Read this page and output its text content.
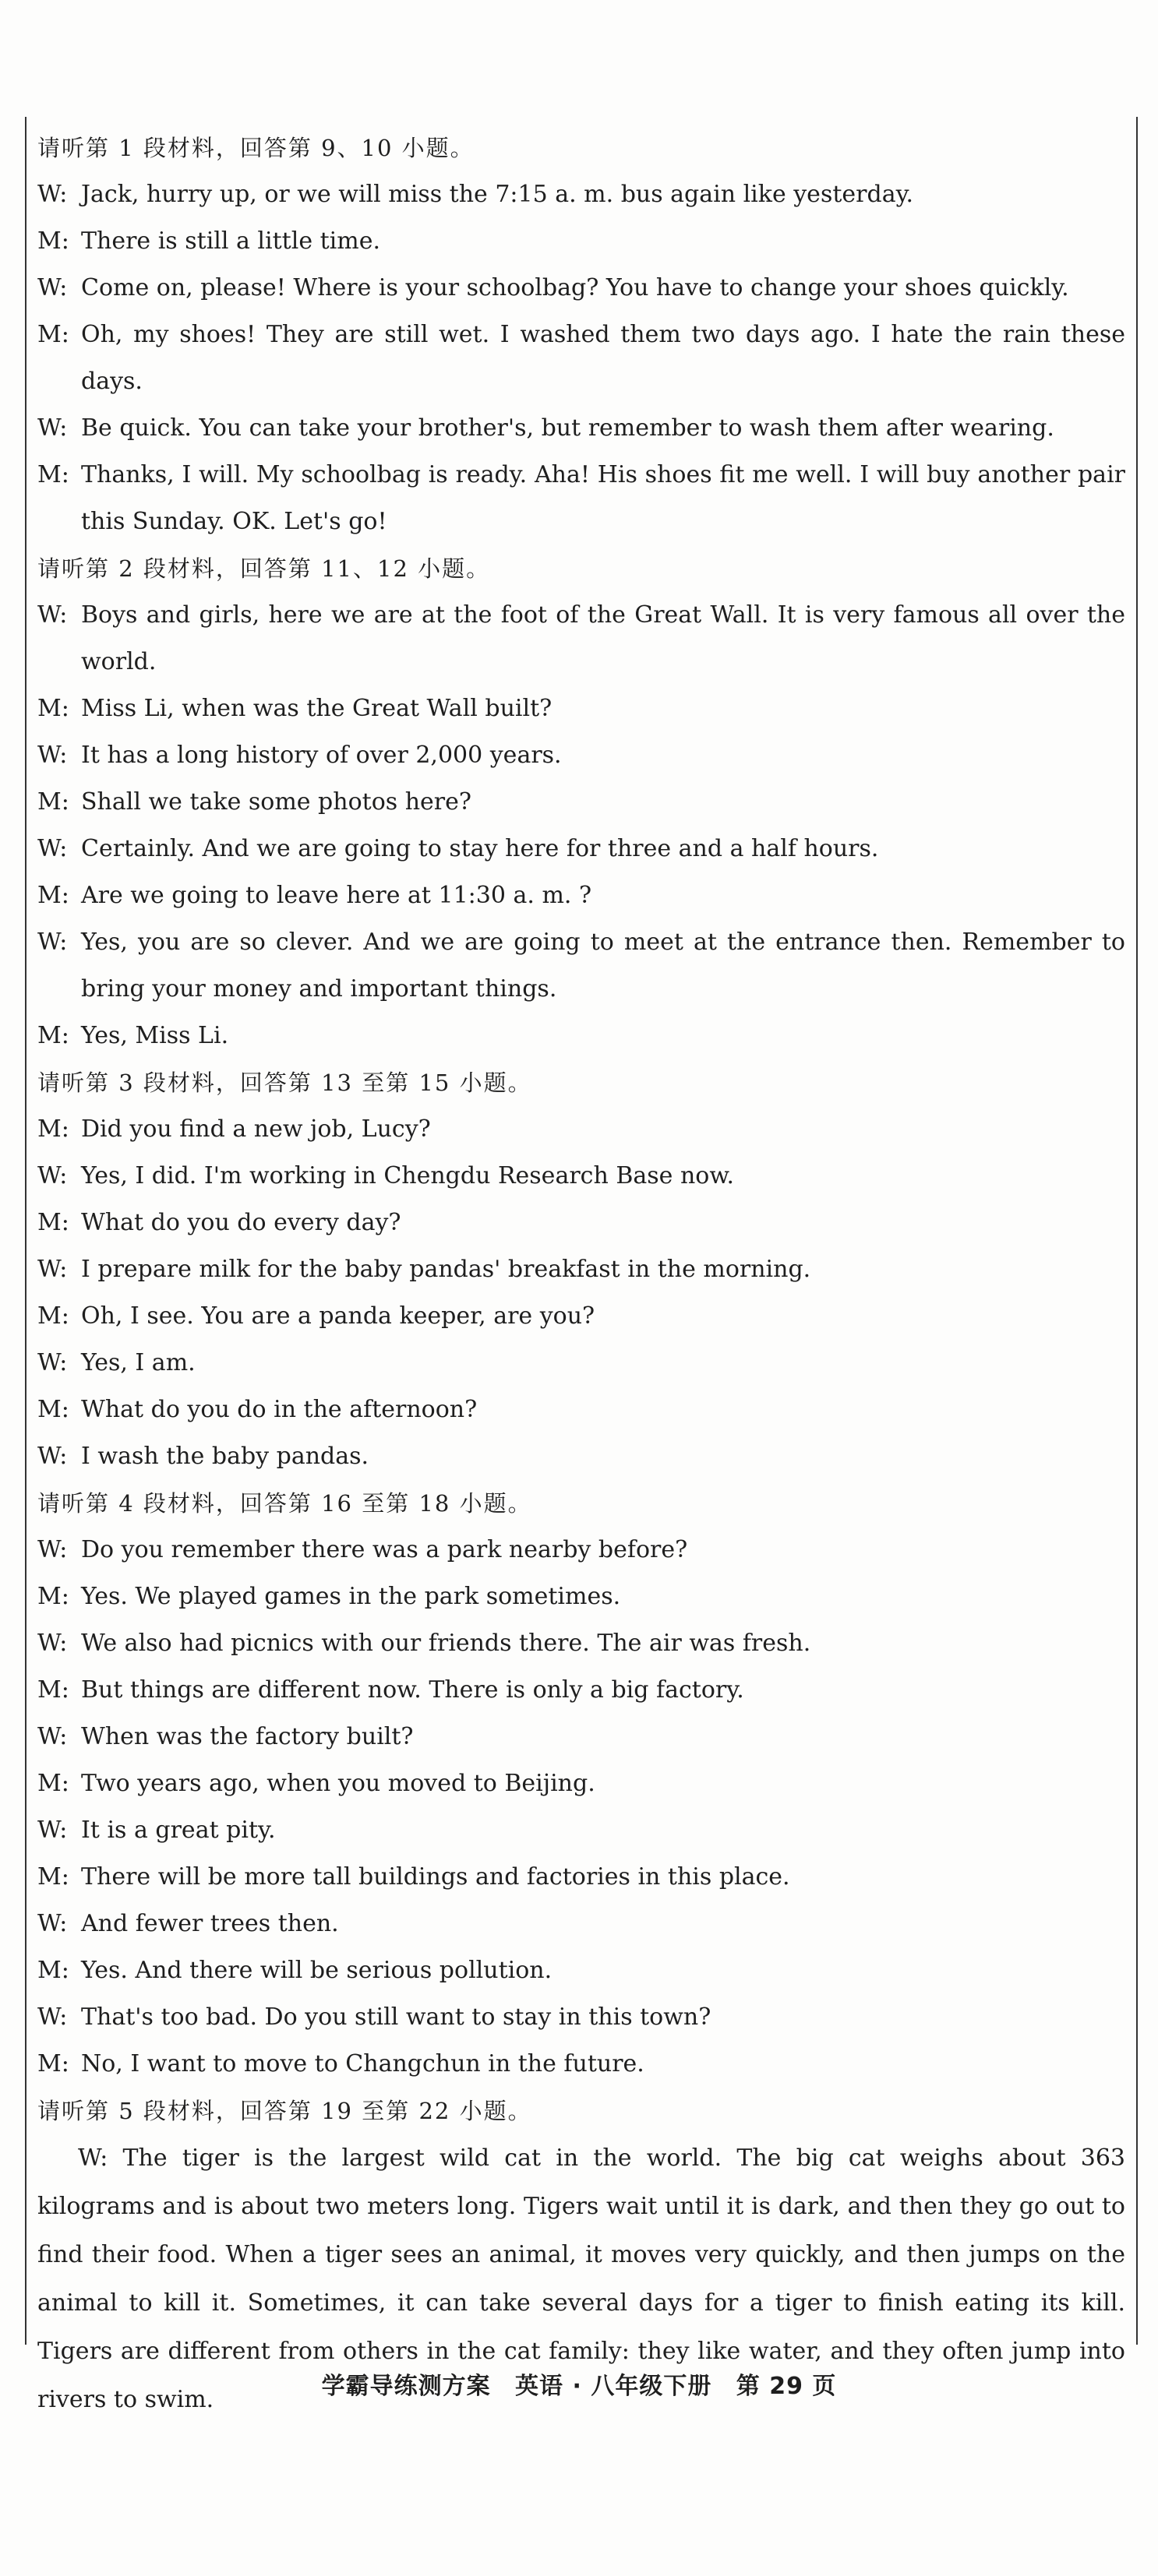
请听第 1 段材料，回答第 9、10 小题。
W: Jack, hurry up, or we will miss the 7:15 a. m. bus again like yesterday.
M: There is still a little time.
W: Come on, please! Where is your schoolbag? You have to change your shoes quickly.
M: Oh, my shoes! They are still wet. I washed them two days ago. I hate the rain these days.
W: Be quick. You can take your brother's, but remember to wash them after wearing.
M: Thanks, I will. My schoolbag is ready. Aha! His shoes fit me well. I will buy another pair this Sunday. OK. Let's go!
请听第 2 段材料，回答第 11、12 小题。
W: Boys and girls, here we are at the foot of the Great Wall. It is very famous all over the world.
M: Miss Li, when was the Great Wall built?
W: It has a long history of over 2,000 years.
M: Shall we take some photos here?
W: Certainly. And we are going to stay here for three and a half hours.
M: Are we going to leave here at 11:30 a. m. ?
W: Yes, you are so clever. And we are going to meet at the entrance then. Remember to bring your money and important things.
M: Yes, Miss Li.
请听第 3 段材料，回答第 13 至第 15 小题。
M: Did you find a new job, Lucy?
W: Yes, I did. I'm working in Chengdu Research Base now.
M: What do you do every day?
W: I prepare milk for the baby pandas' breakfast in the morning.
M: Oh, I see. You are a panda keeper, are you?
W: Yes, I am.
M: What do you do in the afternoon?
W: I wash the baby pandas.
请听第 4 段材料，回答第 16 至第 18 小题。
W: Do you remember there was a park nearby before?
M: Yes. We played games in the park sometimes.
W: We also had picnics with our friends there. The air was fresh.
M: But things are different now. There is only a big factory.
W: When was the factory built?
M: Two years ago, when you moved to Beijing.
W: It is a great pity.
M: There will be more tall buildings and factories in this place.
W: And fewer trees then.
M: Yes. And there will be serious pollution.
W: That's too bad. Do you still want to stay in this town?
M: No, I want to move to Changchun in the future.
请听第 5 段材料，回答第 19 至第 22 小题。
W: The tiger is the largest wild cat in the world. The big cat weighs about 363 kilograms and is about two meters long. Tigers wait until it is dark, and then they go out to find their food. When a tiger sees an animal, it moves very quickly, and then jumps on the animal to kill it. Sometimes, it can take several days for a tiger to finish eating its kill. Tigers are different from others in the cat family: they like water, and they often jump into rivers to swim.	学霸导练测方案 英语 · 八年级下册 第 29 页
